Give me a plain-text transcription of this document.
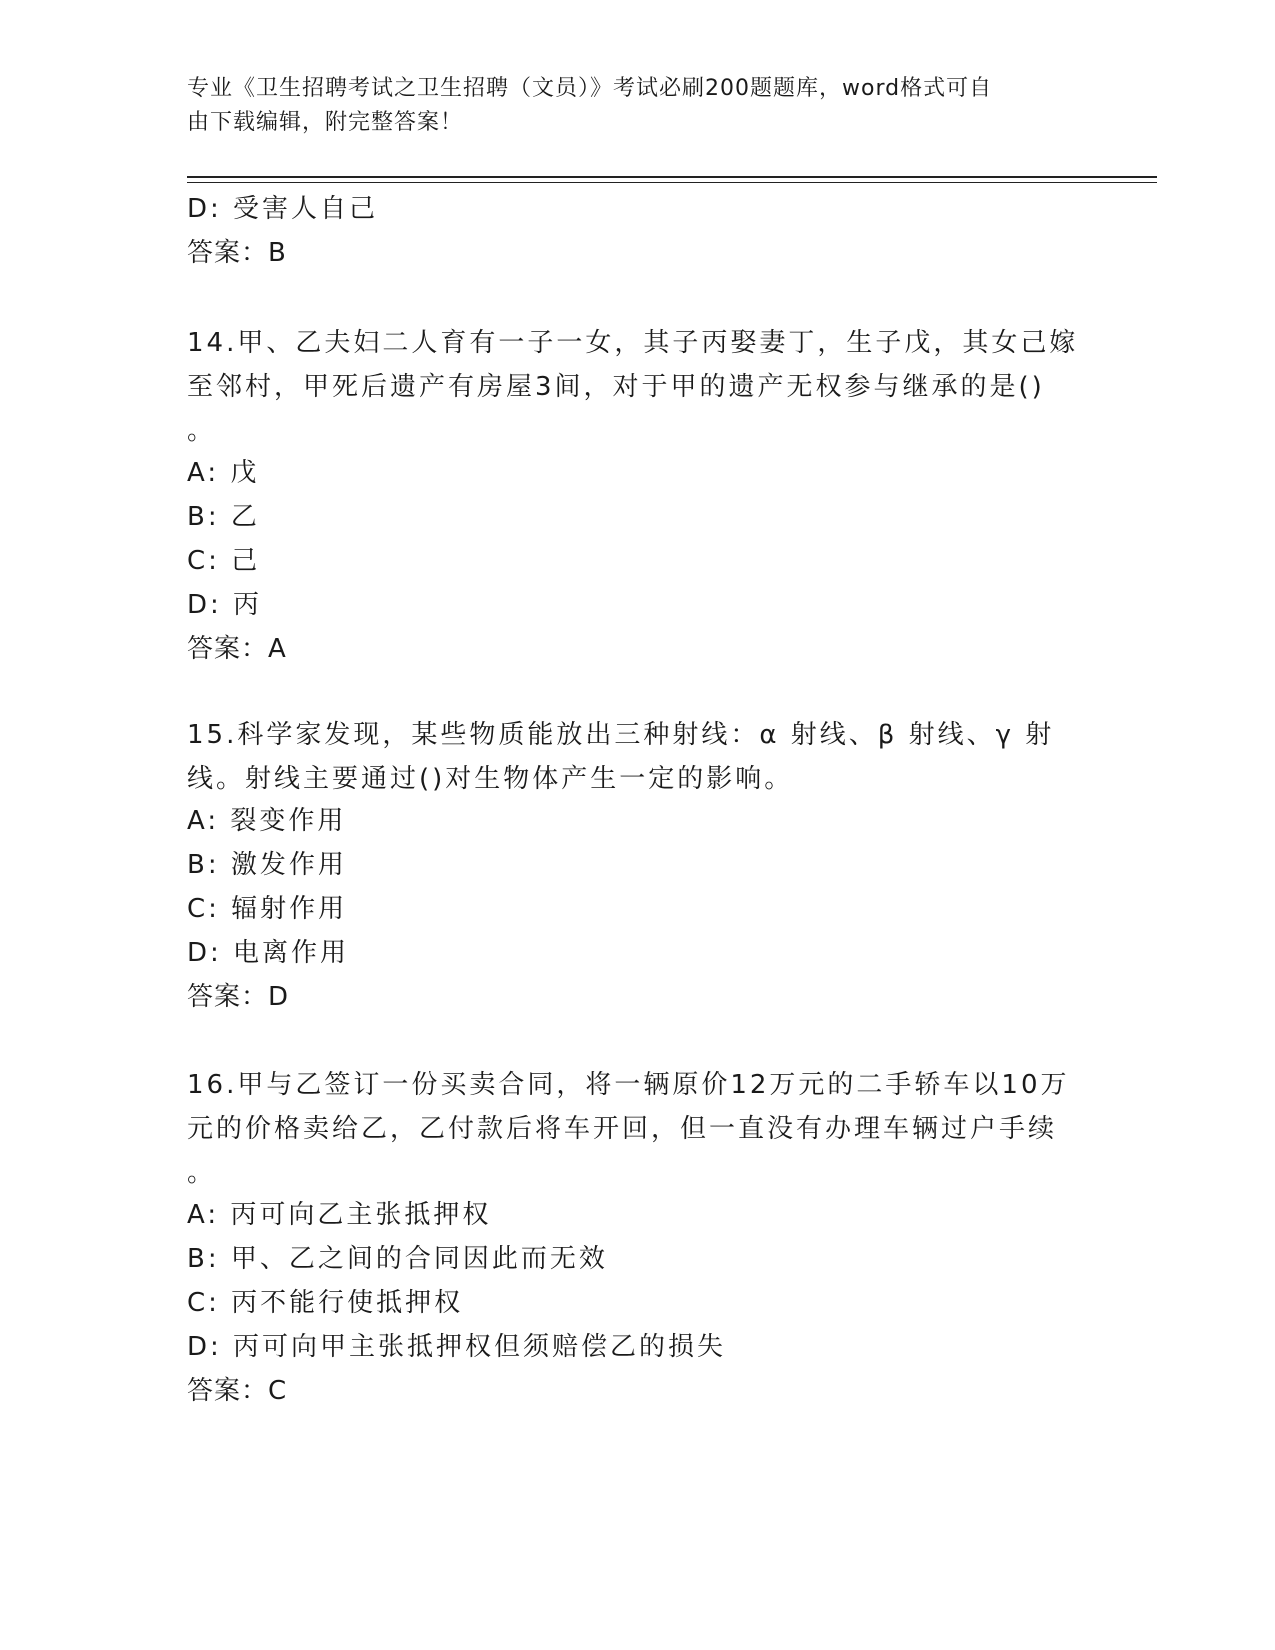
专业《卫生招聘考试之卫生招聘（文员）》考试必刷200题题库，word格式可自
由下载编辑，附完整答案！
D: 受害人自己
答案：B
14.甲、乙夫妇二人育有一子一女，其子丙娶妻丁，生子戊，其女己嫁
至邻村，甲死后遗产有房屋3间，对于甲的遗产无权参与继承的是()
。
A: 戊
B: 乙
C: 己
D: 丙
答案：A
15.科学家发现，某些物质能放出三种射线：α 射线、β 射线、γ 射
线。射线主要通过()对生物体产生一定的影响。
A: 裂变作用
B: 激发作用
C: 辐射作用
D: 电离作用
答案：D
16.甲与乙签订一份买卖合同，将一辆原价12万元的二手轿车以10万
元的价格卖给乙，乙付款后将车开回，但一直没有办理车辆过户手续
。
A: 丙可向乙主张抵押权
B: 甲、乙之间的合同因此而无效
C: 丙不能行使抵押权
D: 丙可向甲主张抵押权但须赔偿乙的损失
答案：C
